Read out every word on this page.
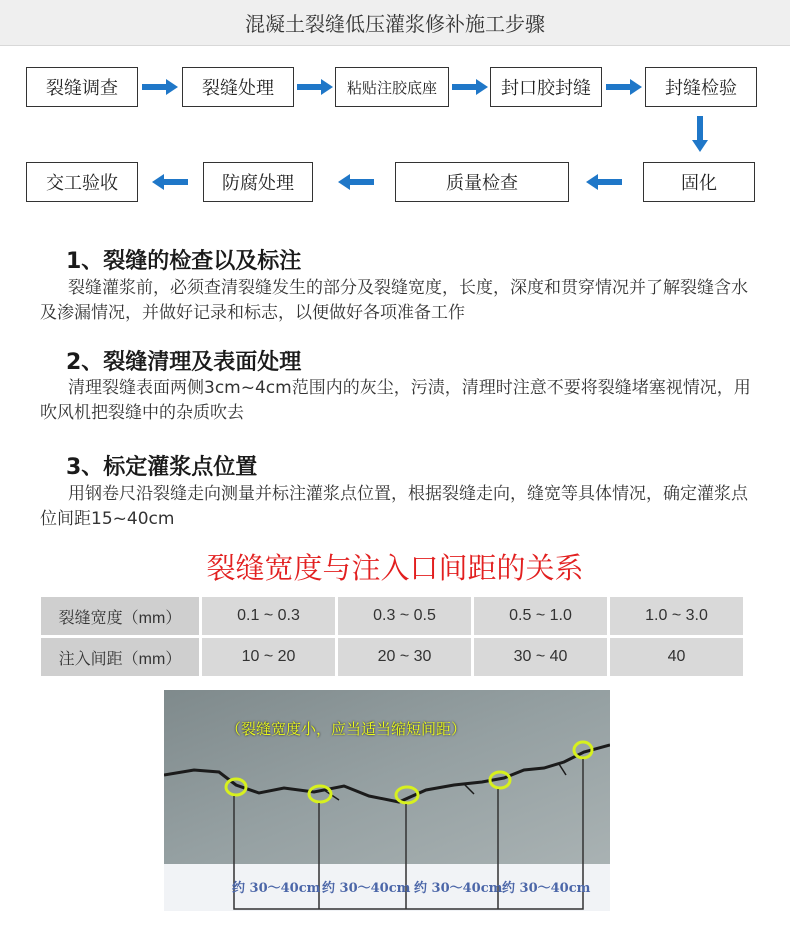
混凝土裂缝低压灌浆修补施工步骤
裂缝调查	裂缝处理	粘贴注胶底座	封口胶封缝	封缝检验
交工验收	防腐处理	质量检查	固化
1、裂缝的检查以及标注

裂缝灌浆前，必须查清裂缝发生的部分及裂缝宽度，长度，深度和贯穿情况并了解裂缝含水及渗漏情况，并做好记录和标志，以便做好各项准备工作

2、裂缝清理及表面处理

清理裂缝表面两侧3cm~4cm范围内的灰尘，污渍，清理时注意不要将裂缝堵塞视情况，用吹风机把裂缝中的杂质吹去

3、标定灌浆点位置

用钢卷尺沿裂缝走向测量并标注灌浆点位置，根据裂缝走向，缝宽等具体情况，确定灌浆点位间距15~40cm

裂缝宽度与注入口间距的关系
裂缝宽度（mm）	0.1 ~ 0.3	0.3 ~ 0.5	0.5 ~ 1.0	1.0 ~ 3.0
注入间距（mm）	10 ~ 20	20 ~ 30	30 ~ 40	40
（裂缝宽度小，应当适当缩短间距）
约 30～40cm 约 30～40cm 约 30～40cm 约 30～40cm
